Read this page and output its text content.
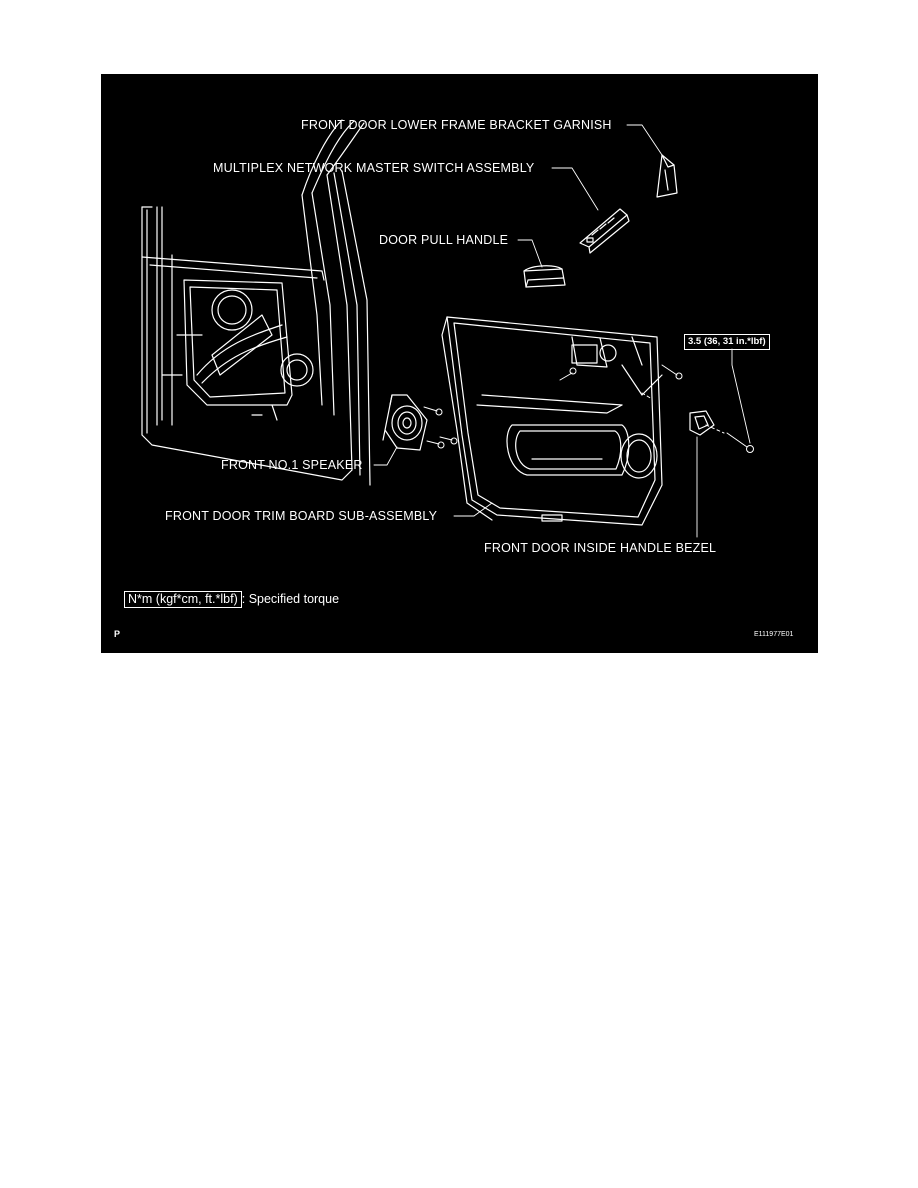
FRONT DOOR LOWER FRAME BRACKET GARNISH
MULTIPLEX NETWORK MASTER SWITCH ASSEMBLY
DOOR PULL HANDLE
FRONT NO.1 SPEAKER
FRONT DOOR TRIM BOARD SUB-ASSEMBLY
FRONT DOOR INSIDE HANDLE BEZEL
3.5 (36, 31 in.*lbf)
N*m (kgf*cm, ft.*lbf) : Specified torque
P	E111977E01
